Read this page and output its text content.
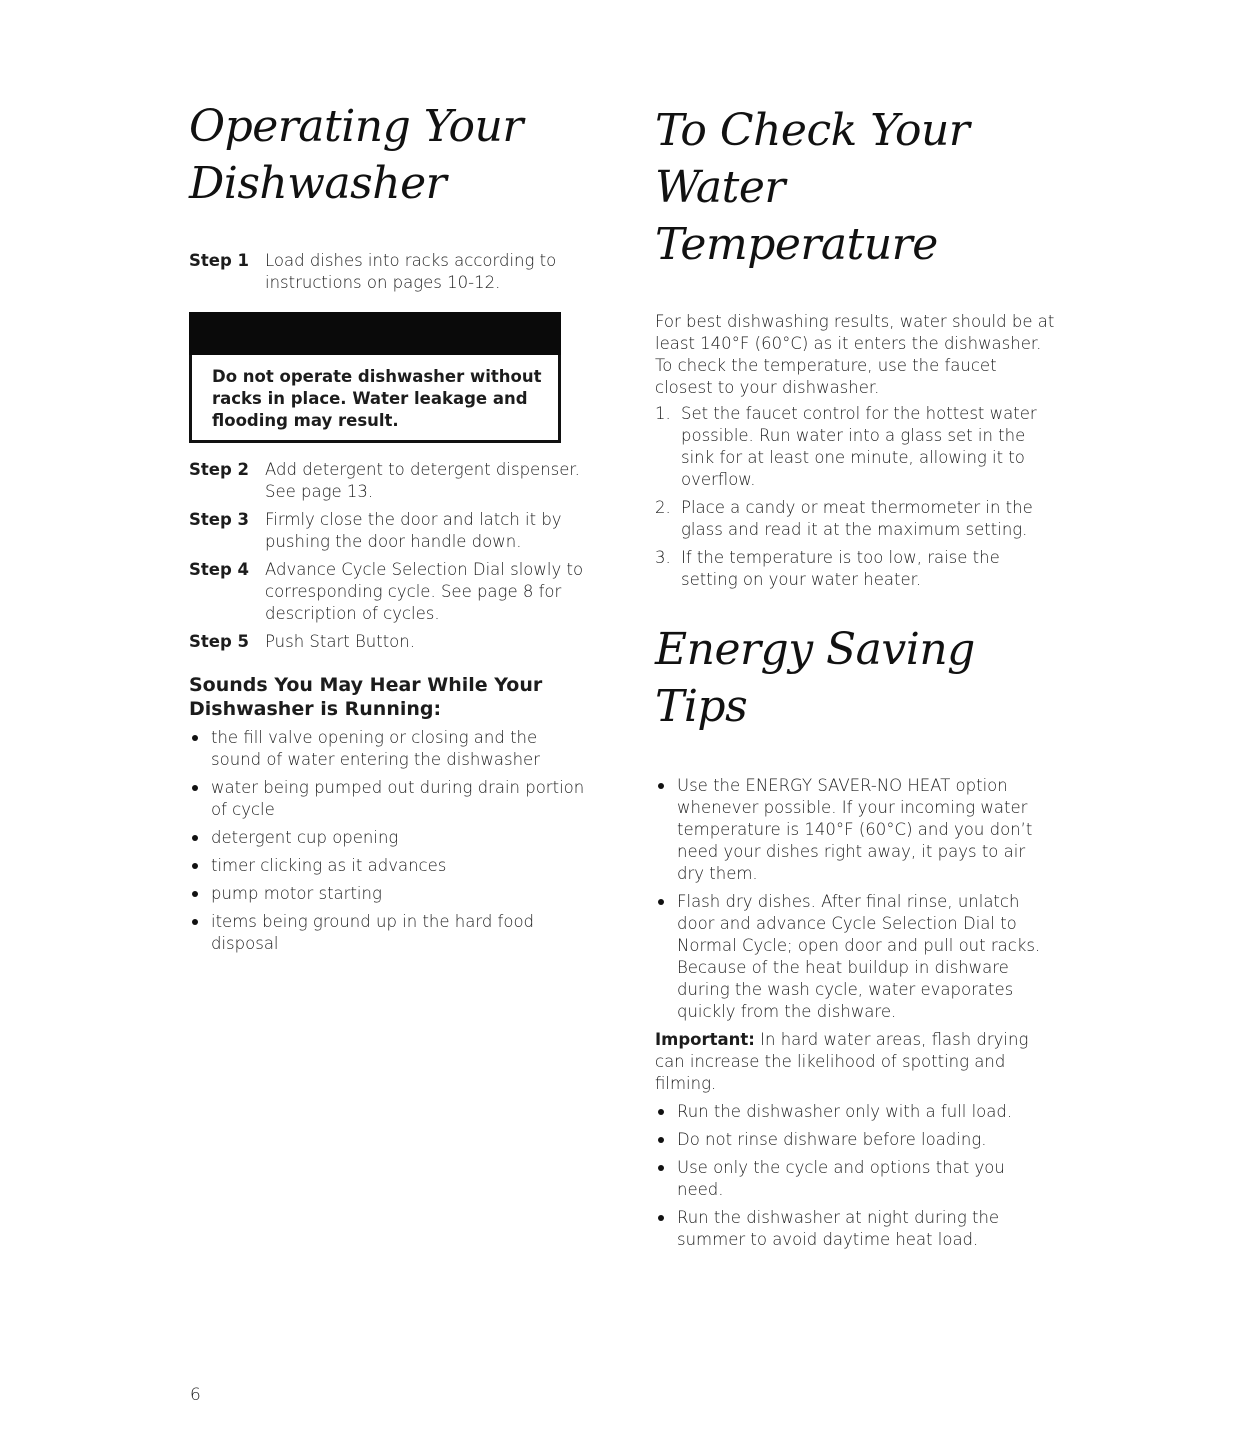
Operating Your
Dishwasher
Step 1 Load dishes into racks according to instructions on pages 10-12.
Do not operate dishwasher without racks in place. Water leakage and flooding may result.
Step 2 Add detergent to detergent dispenser. See page 13.
Step 3 Firmly close the door and latch it by pushing the door handle down.
Step 4 Advance Cycle Selection Dial slowly to corresponding cycle. See page 8 for description of cycles.
Step 5 Push Start Button.
Sounds You May Hear While Your Dishwasher is Running:
the fill valve opening or closing and the sound of water entering the dishwasher
water being pumped out during drain portion of cycle
detergent cup opening
timer clicking as it advances
pump motor starting
items being ground up in the hard food disposal
To Check Your
Water Temperature
For best dishwashing results, water should be at least 140°F (60°C) as it enters the dishwasher. To check the temperature, use the faucet closest to your dishwasher.
1. Set the faucet control for the hottest water possible. Run water into a glass set in the sink for at least one minute, allowing it to overflow.
2. Place a candy or meat thermometer in the glass and read it at the maximum setting.
3. If the temperature is too low, raise the setting on your water heater.
Energy Saving
Tips
Use the ENERGY SAVER-NO HEAT option whenever possible. If your incoming water temperature is 140°F (60°C) and you don’t need your dishes right away, it pays to air dry them.
Flash dry dishes. After final rinse, unlatch door and advance Cycle Selection Dial to Normal Cycle; open door and pull out racks. Because of the heat buildup in dishware during the wash cycle, water evaporates quickly from the dishware.
Important: In hard water areas, flash drying can increase the likelihood of spotting and filming.
Run the dishwasher only with a full load.
Do not rinse dishware before loading.
Use only the cycle and options that you need.
Run the dishwasher at night during the summer to avoid daytime heat load.
6
